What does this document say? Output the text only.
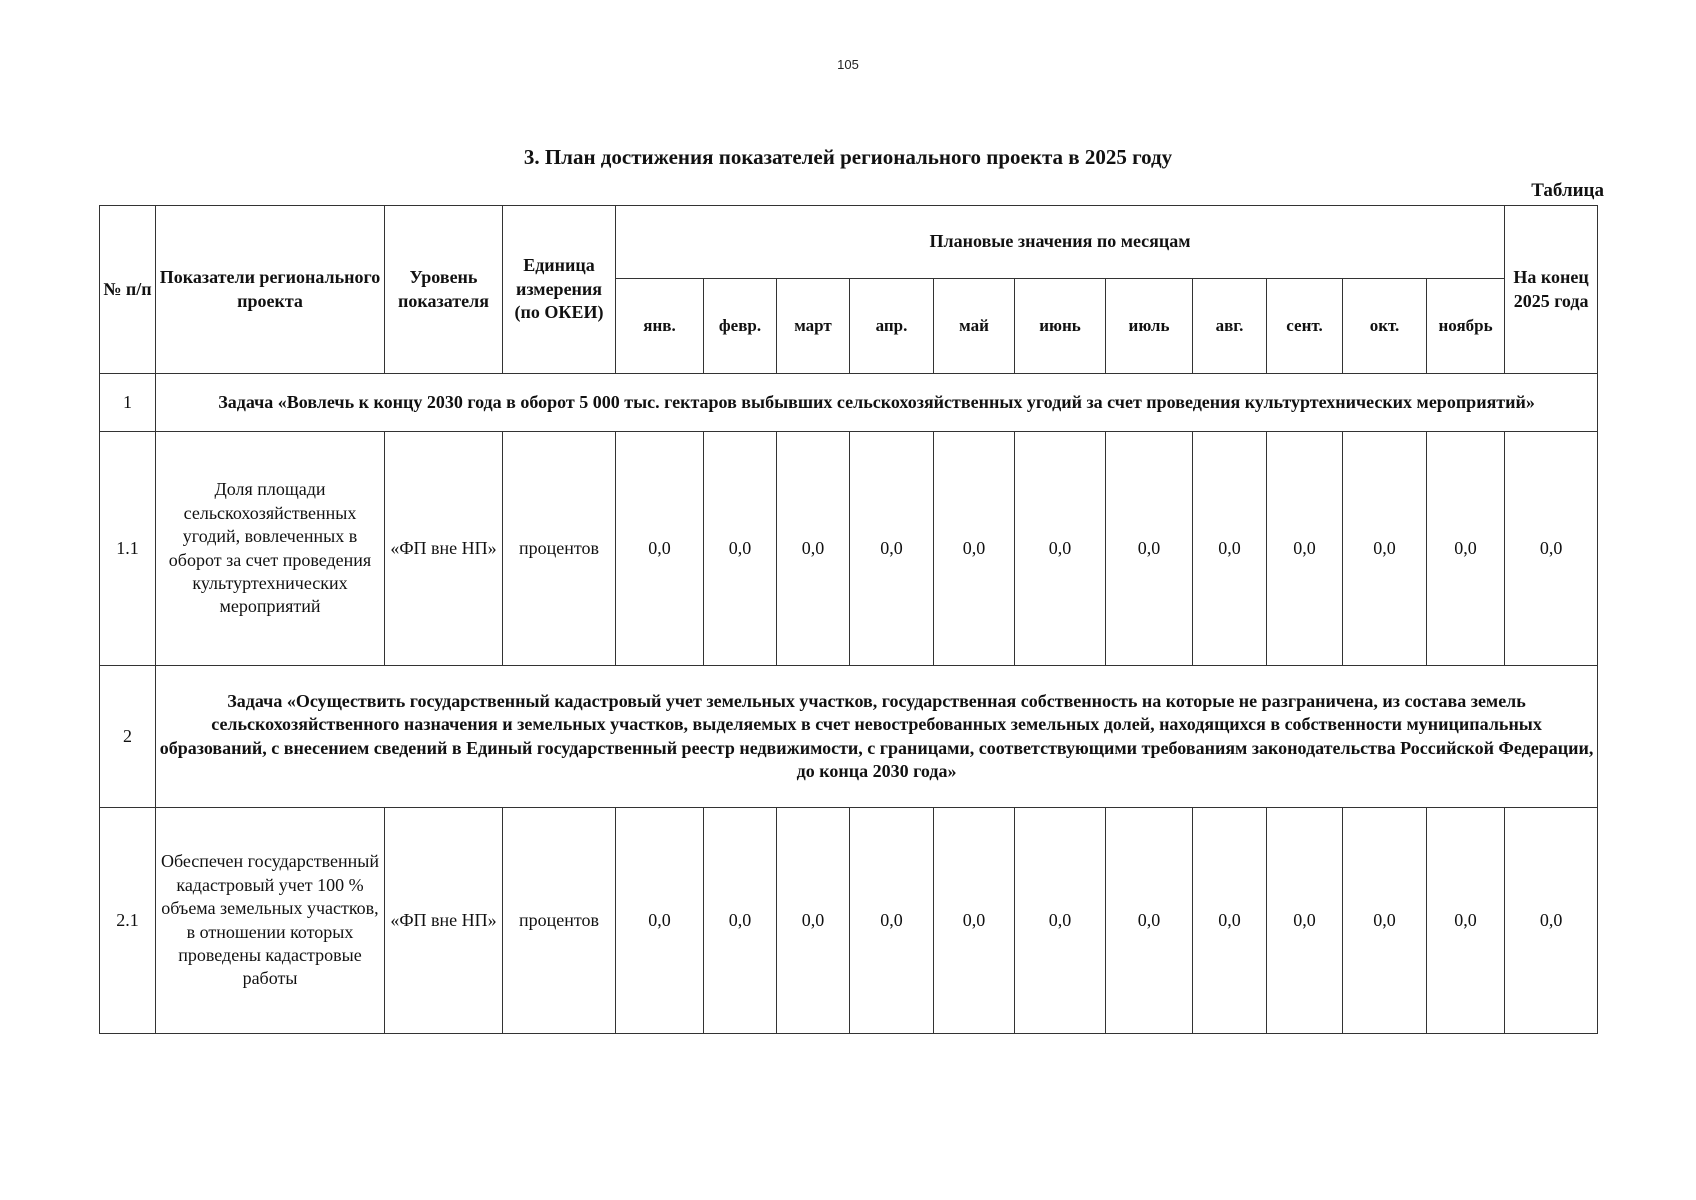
105
3. План достижения показателей регионального проекта в 2025 году
Таблица
№ п/п	Показатели регионального проекта	Уровень показателя	Единица измерения (по ОКЕИ)	Плановые значения по месяцам											На конец 2025 года
				янв.	февр.	март	апр.	май	июнь	июль	авг.	сент.	окт.	ноябрь	
1	Задача «Вовлечь к концу 2030 года в оборот 5 000 тыс. гектаров выбывших сельскохозяйственных угодий за счет проведения культуртехнических мероприятий»														
1.1	Доля площади сельскохозяйственных угодий, вовлеченных в оборот за счет проведения культуртехнических мероприятий	«ФП вне НП»	процентов	0,0	0,0	0,0	0,0	0,0	0,0	0,0	0,0	0,0	0,0	0,0	0,0
2	Задача «Осуществить государственный кадастровый учет земельных участков, государственная собственность на которые не разграничена, из состава земель сельскохозяйственного назначения и земельных участков, выделяемых в счет невостребованных земельных долей, находящихся в собственности муниципальных образований, с внесением сведений в Единый государственный реестр недвижимости, с границами, соответствующими требованиям законодательства Российской Федерации, до конца 2030 года»														
2.1	Обеспечен государственный кадастровый учет 100 % объема земельных участков, в отношении которых проведены кадастровые работы	«ФП вне НП»	процентов	0,0	0,0	0,0	0,0	0,0	0,0	0,0	0,0	0,0	0,0	0,0	0,0
